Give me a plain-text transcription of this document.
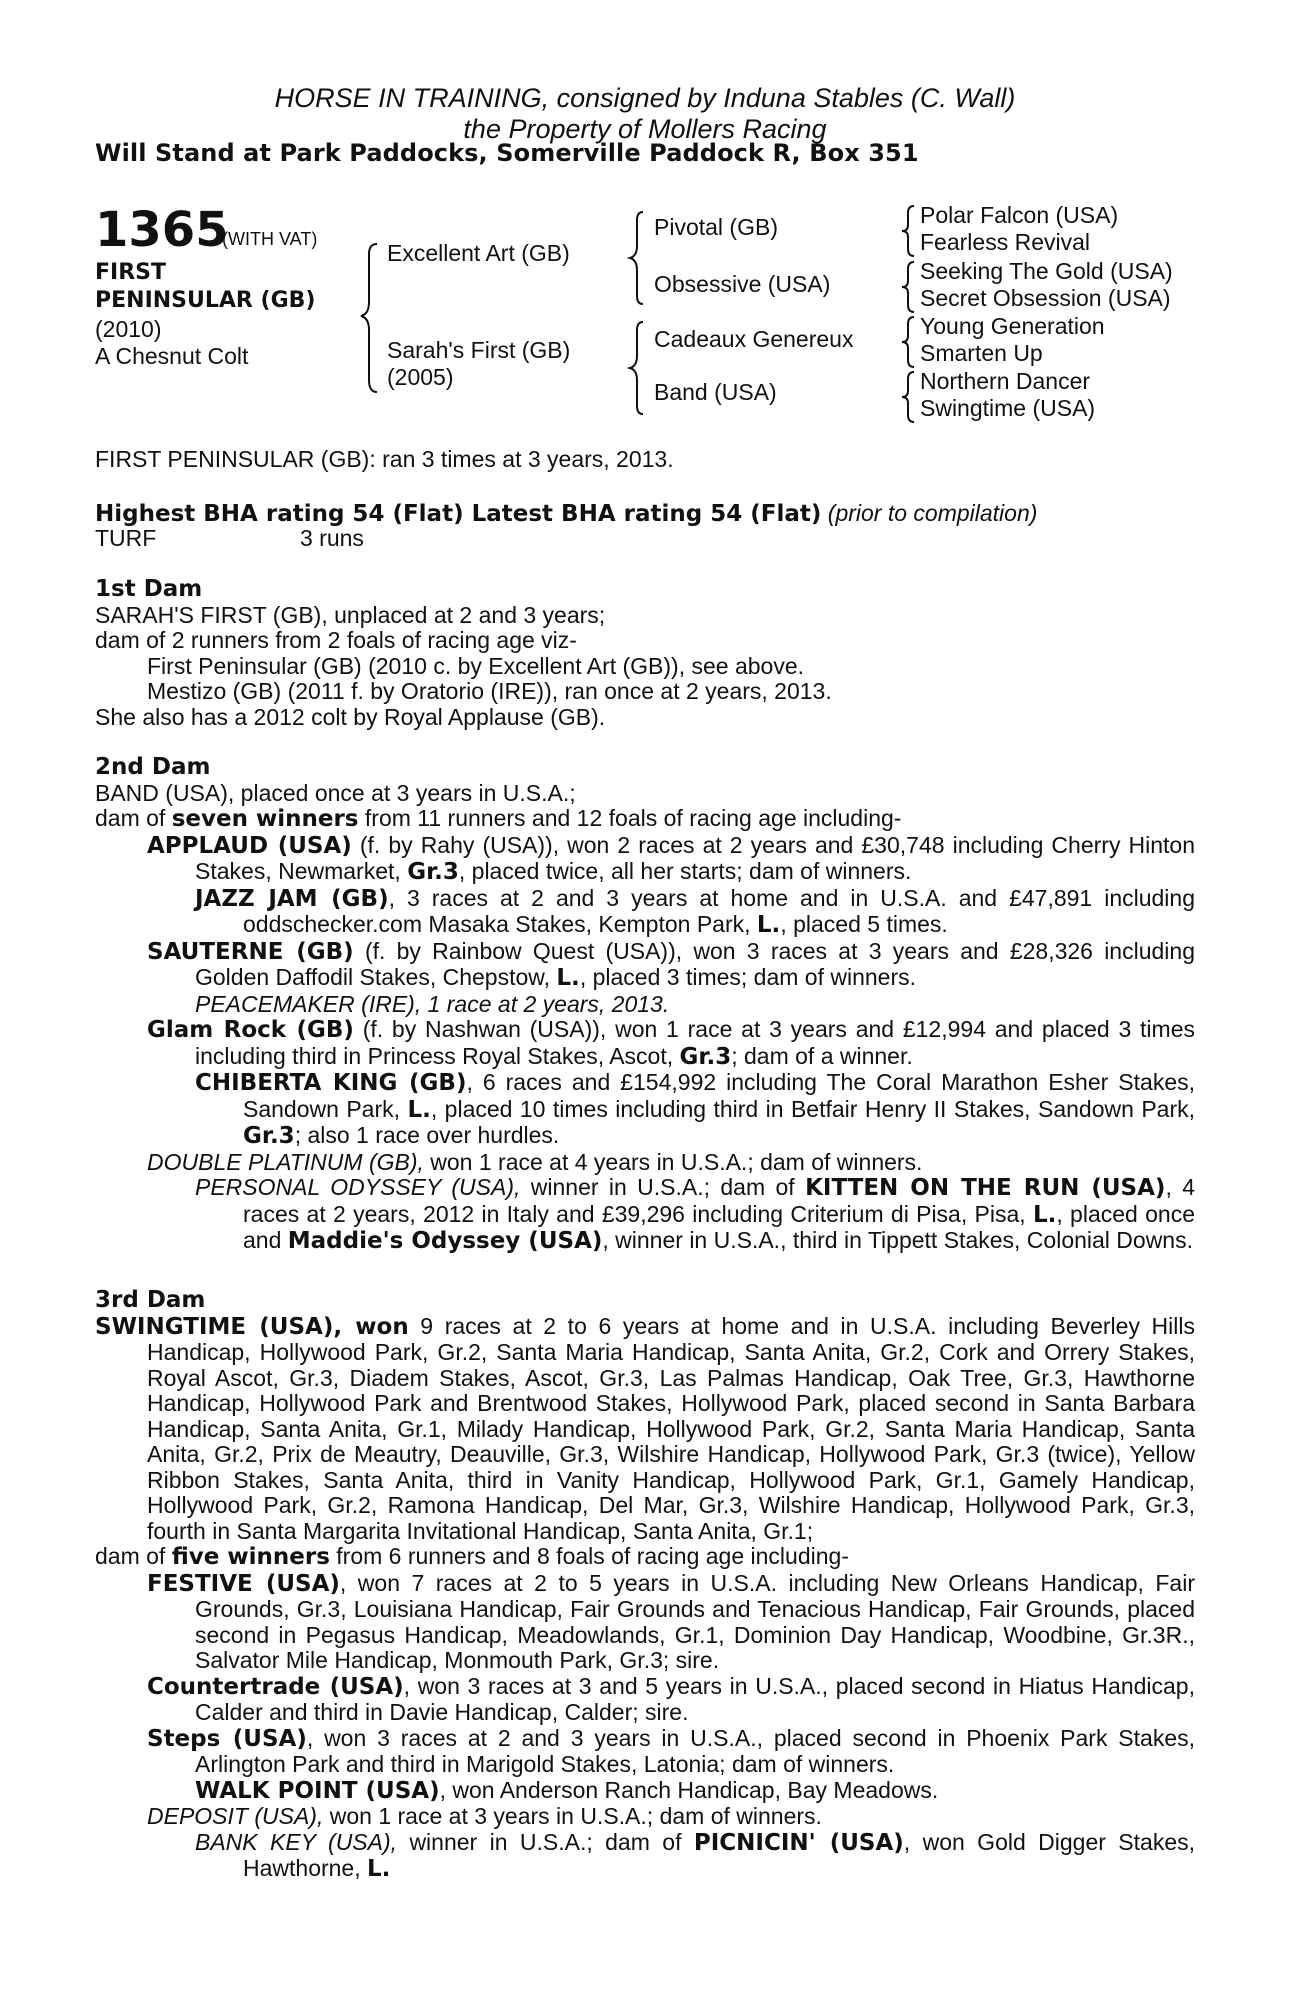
HORSE IN TRAINING, consigned by Induna Stables (C. Wall)
the Property of Mollers Racing
Will Stand at Park Paddocks, Somerville Paddock R, Box 351
1365
(WITH VAT)
FIRST
PENINSULAR (GB)
(2010)
A Chesnut Colt
Excellent Art (GB)
Sarah's First (GB)
(2005)
Pivotal (GB)
Obsessive (USA)
Cadeaux Genereux
Band (USA)
Polar Falcon (USA)
Fearless Revival
Seeking The Gold (USA)
Secret Obsession (USA)
Young Generation
Smarten Up
Northern Dancer
Swingtime (USA)
FIRST PENINSULAR (GB): ran 3 times at 3 years, 2013.
Highest BHA rating 54 (Flat) Latest BHA rating 54 (Flat) (prior to compilation)
TURF	3 runs
1st Dam
SARAH'S FIRST (GB), unplaced at 2 and 3 years;
dam of 2 runners from 2 foals of racing age viz-
First Peninsular (GB) (2010 c. by Excellent Art (GB)), see above.
Mestizo (GB) (2011 f. by Oratorio (IRE)), ran once at 2 years, 2013.
She also has a 2012 colt by Royal Applause (GB).
2nd Dam
BAND (USA), placed once at 3 years in U.S.A.;
dam of seven winners from 11 runners and 12 foals of racing age including-
APPLAUD (USA) (f. by Rahy (USA)), won 2 races at 2 years and £30,748 including Cherry Hinton Stakes, Newmarket, Gr.3, placed twice, all her starts; dam of winners.
JAZZ JAM (GB), 3 races at 2 and 3 years at home and in U.S.A. and £47,891 including oddschecker.com Masaka Stakes, Kempton Park, L., placed 5 times.
SAUTERNE (GB) (f. by Rainbow Quest (USA)), won 3 races at 3 years and £28,326 including Golden Daffodil Stakes, Chepstow, L., placed 3 times; dam of winners.
PEACEMAKER (IRE), 1 race at 2 years, 2013.
Glam Rock (GB) (f. by Nashwan (USA)), won 1 race at 3 years and £12,994 and placed 3 times including third in Princess Royal Stakes, Ascot, Gr.3; dam of a winner.
CHIBERTA KING (GB), 6 races and £154,992 including The Coral Marathon Esher Stakes, Sandown Park, L., placed 10 times including third in Betfair Henry II Stakes, Sandown Park, Gr.3; also 1 race over hurdles.
DOUBLE PLATINUM (GB), won 1 race at 4 years in U.S.A.; dam of winners.
PERSONAL ODYSSEY (USA), winner in U.S.A.; dam of KITTEN ON THE RUN (USA), 4 races at 2 years, 2012 in Italy and £39,296 including Criterium di Pisa, Pisa, L., placed once and Maddie's Odyssey (USA), winner in U.S.A., third in Tippett Stakes, Colonial Downs.
3rd Dam
SWINGTIME (USA), won 9 races at 2 to 6 years at home and in U.S.A. including Beverley Hills Handicap, Hollywood Park, Gr.2, Santa Maria Handicap, Santa Anita, Gr.2, Cork and Orrery Stakes, Royal Ascot, Gr.3, Diadem Stakes, Ascot, Gr.3, Las Palmas Handicap, Oak Tree, Gr.3, Hawthorne Handicap, Hollywood Park and Brentwood Stakes, Hollywood Park, placed second in Santa Barbara Handicap, Santa Anita, Gr.1, Milady Handicap, Hollywood Park, Gr.2, Santa Maria Handicap, Santa Anita, Gr.2, Prix de Meautry, Deauville, Gr.3, Wilshire Handicap, Hollywood Park, Gr.3 (twice), Yellow Ribbon Stakes, Santa Anita, third in Vanity Handicap, Hollywood Park, Gr.1, Gamely Handicap, Hollywood Park, Gr.2, Ramona Handicap, Del Mar, Gr.3, Wilshire Handicap, Hollywood Park, Gr.3, fourth in Santa Margarita Invitational Handicap, Santa Anita, Gr.1;
dam of five winners from 6 runners and 8 foals of racing age including-
FESTIVE (USA), won 7 races at 2 to 5 years in U.S.A. including New Orleans Handicap, Fair Grounds, Gr.3, Louisiana Handicap, Fair Grounds and Tenacious Handicap, Fair Grounds, placed second in Pegasus Handicap, Meadowlands, Gr.1, Dominion Day Handicap, Woodbine, Gr.3R., Salvator Mile Handicap, Monmouth Park, Gr.3; sire.
Countertrade (USA), won 3 races at 3 and 5 years in U.S.A., placed second in Hiatus Handicap, Calder and third in Davie Handicap, Calder; sire.
Steps (USA), won 3 races at 2 and 3 years in U.S.A., placed second in Phoenix Park Stakes, Arlington Park and third in Marigold Stakes, Latonia; dam of winners.
WALK POINT (USA), won Anderson Ranch Handicap, Bay Meadows.
DEPOSIT (USA), won 1 race at 3 years in U.S.A.; dam of winners.
BANK KEY (USA), winner in U.S.A.; dam of PICNICIN' (USA), won Gold Digger Stakes, Hawthorne, L.
